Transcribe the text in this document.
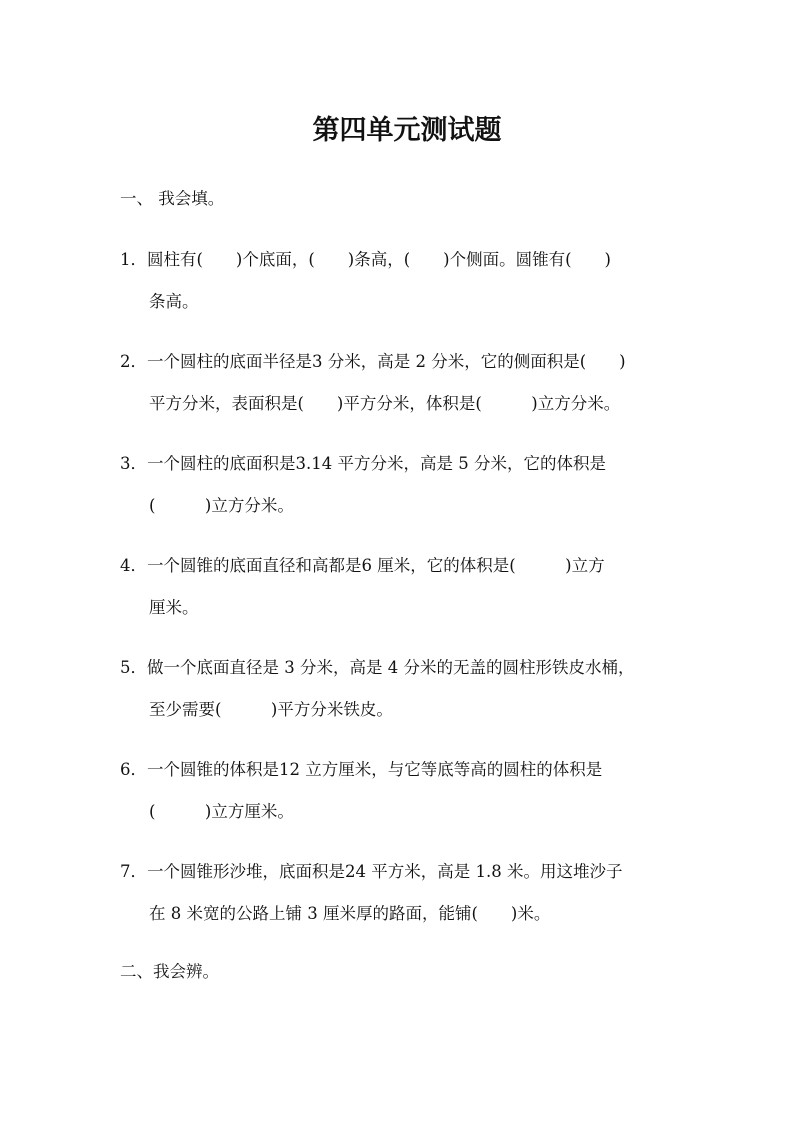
第四单元测试题
一、 我会填。
1．圆柱有(　　)个底面，(　　)条高，(　　)个侧面。圆锥有(　　)
条高。
2．一个圆柱的底面半径是3 分米，高是 2 分米，它的侧面积是(　　)
平方分米，表面积是(　　)平方分米，体积是(　　　)立方分米。
3．一个圆柱的底面积是3.14 平方分米，高是 5 分米，它的体积是
(　　　)立方分米。
4．一个圆锥的底面直径和高都是6 厘米，它的体积是(　　　)立方
厘米。
5．做一个底面直径是 3 分米，高是 4 分米的无盖的圆柱形铁皮水桶，
至少需要(　　　)平方分米铁皮。
6．一个圆锥的体积是12 立方厘米，与它等底等高的圆柱的体积是
(　　　)立方厘米。
7．一个圆锥形沙堆，底面积是24 平方米，高是 1.8 米。用这堆沙子
在 8 米宽的公路上铺 3 厘米厚的路面，能铺(　　)米。
二、我会辨。
